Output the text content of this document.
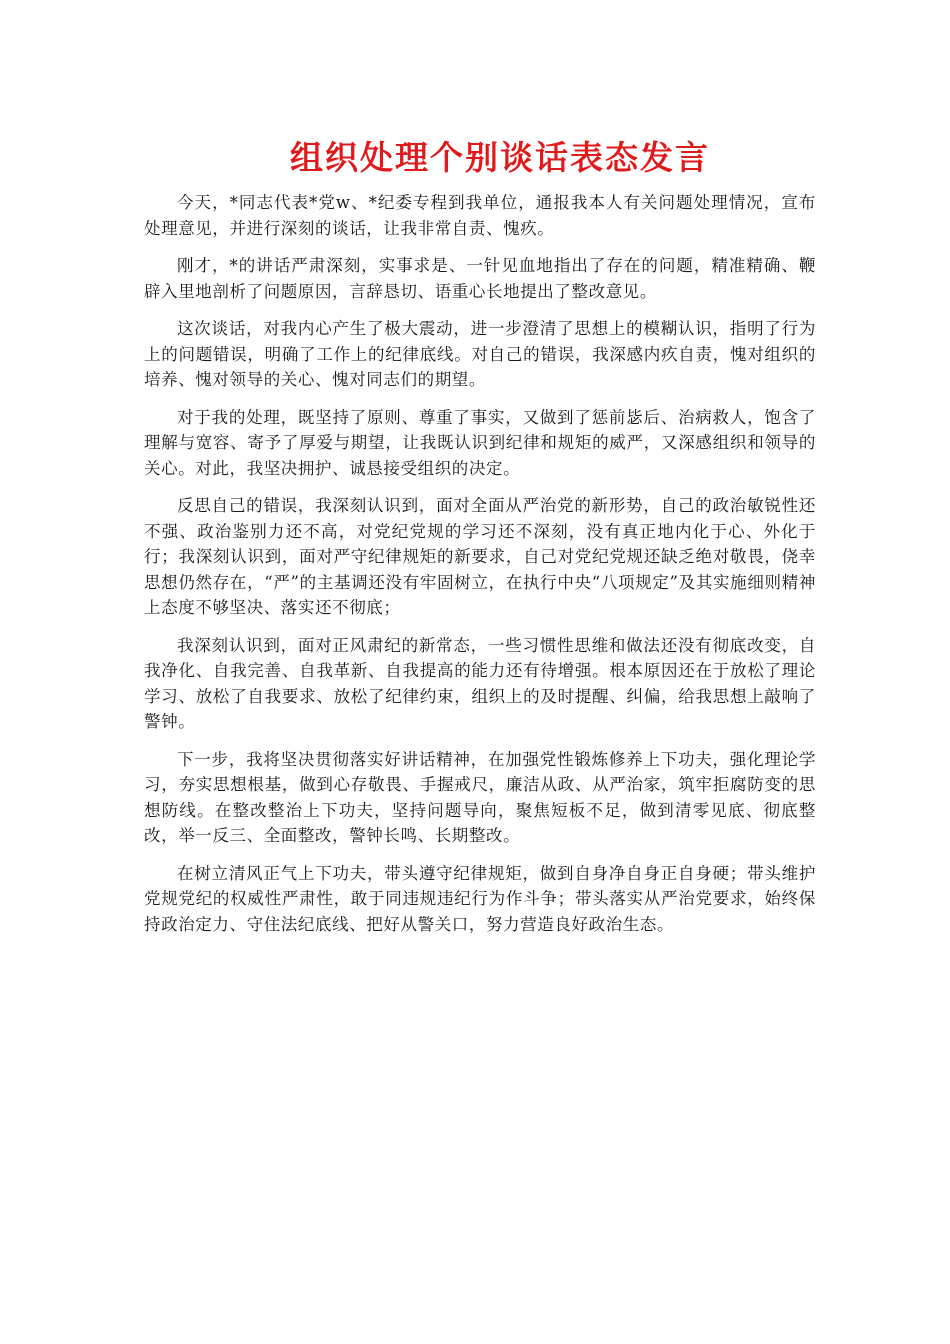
组织处理个别谈话表态发言

今天，*同志代表*党w、*纪委专程到我单位，通报我本人有关问题处理情况，宣布处理意见，并进行深刻的谈话，让我非常自责、愧疚。

刚才，*的讲话严肃深刻，实事求是、一针见血地指出了存在的问题，精准精确、鞭辟入里地剖析了问题原因，言辞恳切、语重心长地提出了整改意见。

这次谈话，对我内心产生了极大震动，进一步澄清了思想上的模糊认识，指明了行为上的问题错误，明确了工作上的纪律底线。对自己的错误，我深感内疚自责，愧对组织的培养、愧对领导的关心、愧对同志们的期望。

对于我的处理，既坚持了原则、尊重了事实，又做到了惩前毖后、治病救人，饱含了理解与宽容、寄予了厚爱与期望，让我既认识到纪律和规矩的威严，又深感组织和领导的关心。对此，我坚决拥护、诚恳接受组织的决定。

反思自己的错误，我深刻认识到，面对全面从严治党的新形势，自己的政治敏锐性还不强、政治鉴别力还不高，对党纪党规的学习还不深刻，没有真正地内化于心、外化于行；我深刻认识到，面对严守纪律规矩的新要求，自己对党纪党规还缺乏绝对敬畏，侥幸思想仍然存在，“严”的主基调还没有牢固树立，在执行中央“八项规定”及其实施细则精神上态度不够坚决、落实还不彻底；

我深刻认识到，面对正风肃纪的新常态，一些习惯性思维和做法还没有彻底改变，自我净化、自我完善、自我革新、自我提高的能力还有待增强。根本原因还在于放松了理论学习、放松了自我要求、放松了纪律约束，组织上的及时提醒、纠偏，给我思想上敲响了警钟。

下一步，我将坚决贯彻落实好讲话精神，在加强党性锻炼修养上下功夫，强化理论学习，夯实思想根基，做到心存敬畏、手握戒尺，廉洁从政、从严治家，筑牢拒腐防变的思想防线。在整改整治上下功夫，坚持问题导向，聚焦短板不足，做到清零见底、彻底整改，举一反三、全面整改，警钟长鸣、长期整改。

在树立清风正气上下功夫，带头遵守纪律规矩，做到自身净自身正自身硬；带头维护党规党纪的权威性严肃性，敢于同违规违纪行为作斗争；带头落实从严治党要求，始终保持政治定力、守住法纪底线、把好从警关口，努力营造良好政治生态。
